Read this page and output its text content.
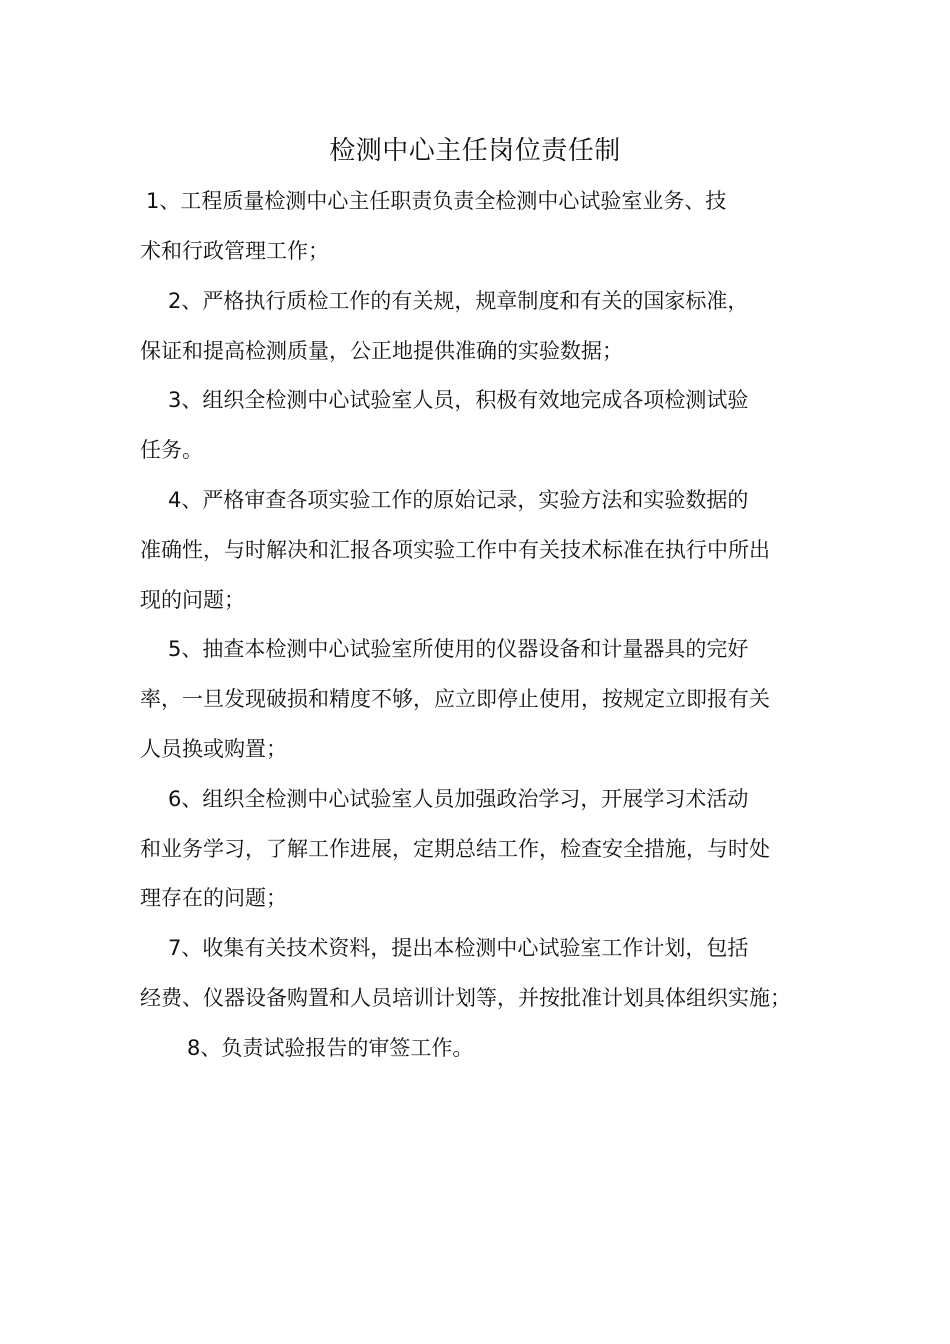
检测中心主任岗位责任制

1、工程质量检测中心主任职责负责全检测中心试验室业务、技

术和行政管理工作；

2、严格执行质检工作的有关规，规章制度和有关的国家标准，

保证和提高检测质量，公正地提供准确的实验数据；

3、组织全检测中心试验室人员，积极有效地完成各项检测试验

任务。

4、严格审查各项实验工作的原始记录，实验方法和实验数据的

准确性，与时解决和汇报各项实验工作中有关技术标准在执行中所出

现的问题；

5、抽查本检测中心试验室所使用的仪器设备和计量器具的完好

率，一旦发现破损和精度不够，应立即停止使用，按规定立即报有关

人员换或购置；

6、组织全检测中心试验室人员加强政治学习，开展学习术活动

和业务学习，了解工作进展，定期总结工作，检查安全措施，与时处

理存在的问题；

7、收集有关技术资料，提出本检测中心试验室工作计划，包括

经费、仪器设备购置和人员培训计划等，并按批准计划具体组织实施；

8、负责试验报告的审签工作。
